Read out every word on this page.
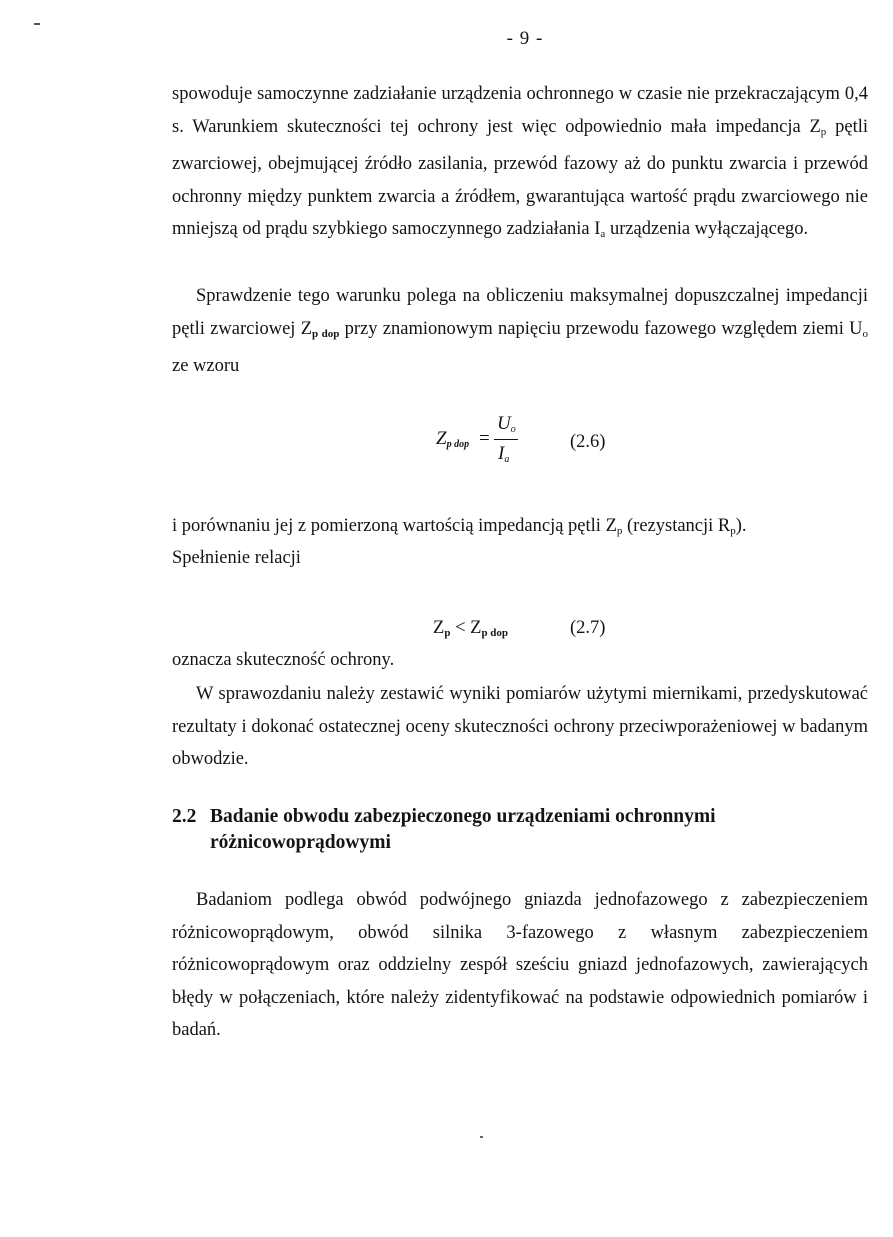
- 9 -

spowoduje samoczynne zadziałanie urządzenia ochronnego w czasie nie przekraczającym 0,4 s. Warunkiem skuteczności tej ochrony jest więc odpowiednio mała impedancja $Z_p$ pętli zwarciowej, obejmującej źródło zasilania, przewód fazowy aż do punktu zwarcia i przewód ochronny między punktem zwarcia a źródłem, gwarantująca wartość prądu zwarciowego nie mniejszą od prądu szybkiego samoczynnego zadziałania $I_a$ urządzenia wyłączającego.

Sprawdzenie tego warunku polega na obliczeniu maksymalnej dopuszczalnej impedancji pętli zwarciowej $Z_{p dop}$ przy znamionowym napięciu przewodu fazowego względem ziemi $U_o$ ze wzoru

$Z_{p dop}$ =
$U_o$
$I_a$
(2.6)

i porównaniu jej z pomierzoną wartością impedancją pętli $Z_p$ (rezystancji $R_p$).

Spełnienie relacji

$Z_p < Z_{p dop}$	(2.7)

oznacza skuteczność ochrony.

W sprawozdaniu należy zestawić wyniki pomiarów użytymi miernikami, przedyskutować rezultaty i dokonać ostatecznej oceny skuteczności ochrony przeciwporażeniowej w badanym obwodzie.

2.2 Badanie obwodu zabezpieczonego urządzeniami ochronnymi różnicowoprądowymi

Badaniom podlega obwód podwójnego gniazda jednofazowego z zabezpieczeniem różnicowoprądowym, obwód silnika 3-fazowego z własnym zabezpieczeniem różnicowoprądowym oraz oddzielny zespół sześciu gniazd jednofazowych, zawierających błędy w połączeniach, które należy zidentyfikować na podstawie odpowiednich pomiarów i badań.
